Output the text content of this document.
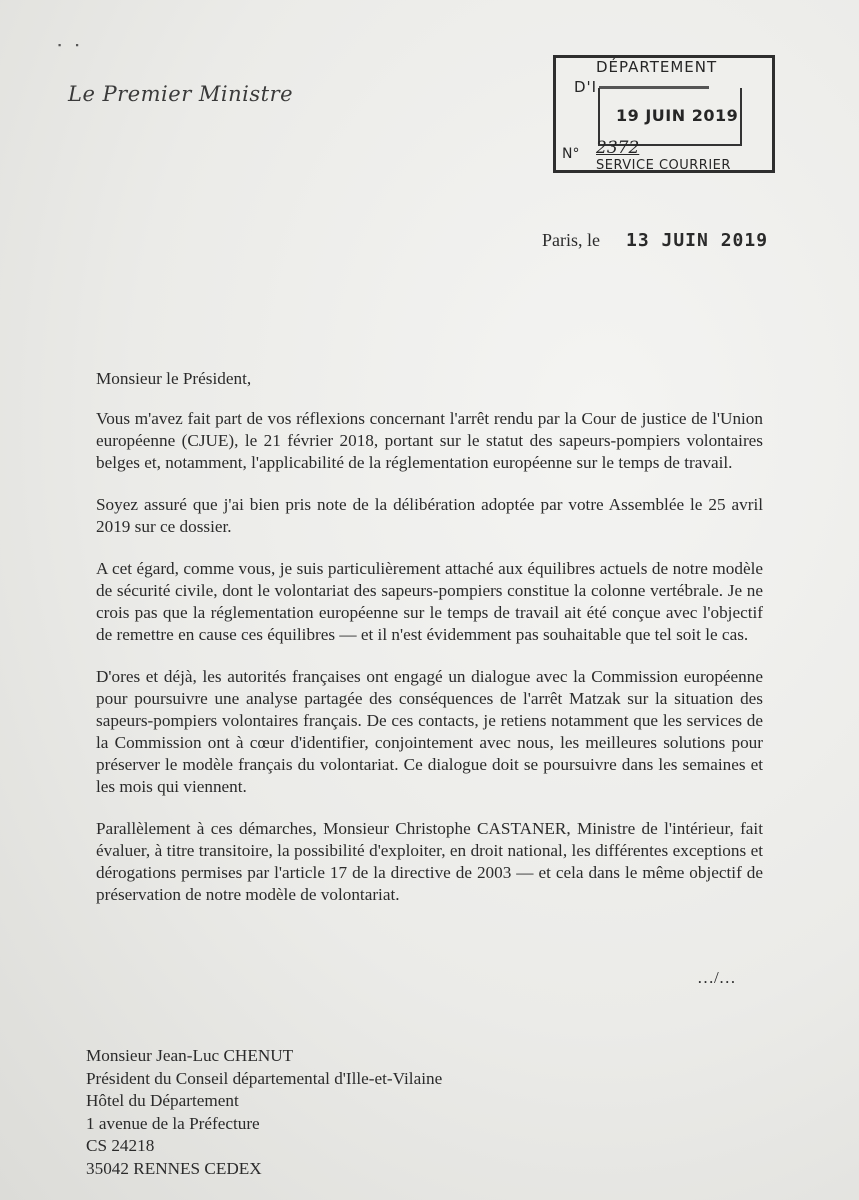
▪ ▪
Le Premier Ministre
DÉPARTEMENT
D'I
19 JUIN 2019
N° 2372
SERVICE COURRIER
Paris, le 13 JUIN 2019

Monsieur le Président,

Vous m'avez fait part de vos réflexions concernant l'arrêt rendu par la Cour de justice de l'Union européenne (CJUE), le 21 février 2018, portant sur le statut des sapeurs-pompiers volontaires belges et, notamment, l'applicabilité de la réglementation européenne sur le temps de travail.

Soyez assuré que j'ai bien pris note de la délibération adoptée par votre Assemblée le 25 avril 2019 sur ce dossier.

A cet égard, comme vous, je suis particulièrement attaché aux équilibres actuels de notre modèle de sécurité civile, dont le volontariat des sapeurs-pompiers constitue la colonne vertébrale. Je ne crois pas que la réglementation européenne sur le temps de travail ait été conçue avec l'objectif de remettre en cause ces équilibres — et il n'est évidemment pas souhaitable que tel soit le cas.

D'ores et déjà, les autorités françaises ont engagé un dialogue avec la Commission européenne pour poursuivre une analyse partagée des conséquences de l'arrêt Matzak sur la situation des sapeurs-pompiers volontaires français. De ces contacts, je retiens notamment que les services de la Commission ont à cœur d'identifier, conjointement avec nous, les meilleures solutions pour préserver le modèle français du volontariat. Ce dialogue doit se poursuivre dans les semaines et les mois qui viennent.

Parallèlement à ces démarches, Monsieur Christophe CASTANER, Ministre de l'intérieur, fait évaluer, à titre transitoire, la possibilité d'exploiter, en droit national, les différentes exceptions et dérogations permises par l'article 17 de la directive de 2003 — et cela dans le même objectif de préservation de notre modèle de volontariat.

…/…
Monsieur Jean-Luc CHENUT
Président du Conseil départemental d'Ille-et-Vilaine
Hôtel du Département
1 avenue de la Préfecture
CS 24218
35042 RENNES CEDEX
